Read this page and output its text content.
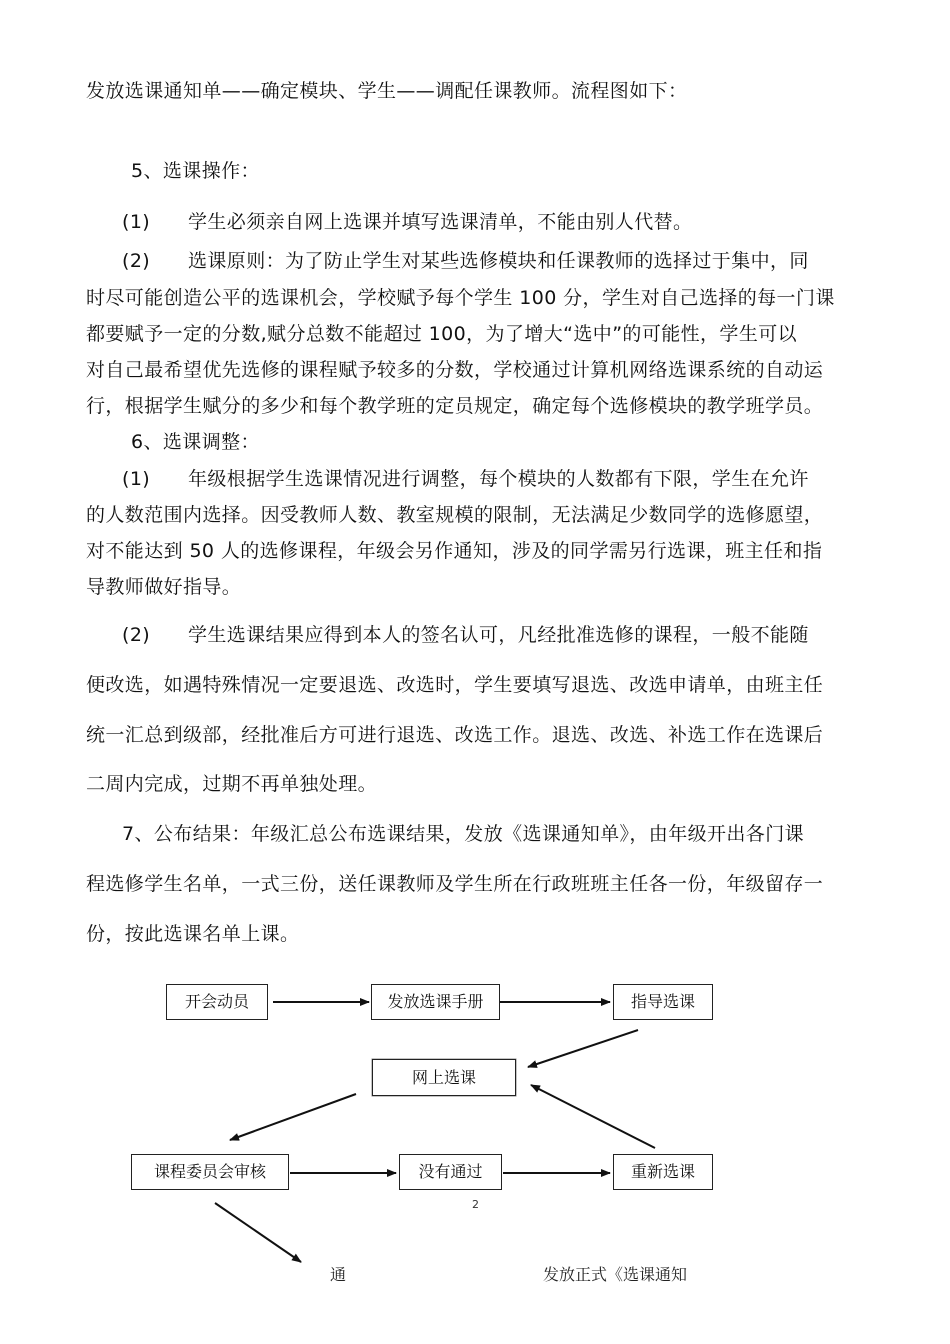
发放选课通知单——确定模块、学生——调配任课教师。流程图如下：
5、选课操作：
(1) 学生必须亲自网上选课并填写选课清单，不能由别人代替。
(2) 选课原则：为了防止学生对某些选修模块和任课教师的选择过于集中，同
时尽可能创造公平的选课机会，学校赋予每个学生 100 分，学生对自己选择的每一门课
都要赋予一定的分数,赋分总数不能超过 100，为了增大“选中”的可能性，学生可以
对自己最希望优先选修的课程赋予较多的分数，学校通过计算机网络选课系统的自动运
行，根据学生赋分的多少和每个教学班的定员规定，确定每个选修模块的教学班学员。
6、选课调整：
(1) 年级根据学生选课情况进行调整，每个模块的人数都有下限，学生在允许
的人数范围内选择。因受教师人数、教室规模的限制，无法满足少数同学的选修愿望，
对不能达到 50 人的选修课程，年级会另作通知，涉及的同学需另行选课，班主任和指
导教师做好指导。
(2) 学生选课结果应得到本人的签名认可，凡经批准选修的课程，一般不能随
便改选，如遇特殊情况一定要退选、改选时，学生要填写退选、改选申请单，由班主任
统一汇总到级部，经批准后方可进行退选、改选工作。退选、改选、补选工作在选课后
二周内完成，过期不再单独处理。
7、公布结果：年级汇总公布选课结果，发放《选课通知单》，由年级开出各门课
程选修学生名单，一式三份，送任课教师及学生所在行政班班主任各一份，年级留存一
份，按此选课名单上课。
开会动员	发放选课手册	指导选课
网上选课
课程委员会审核	没有通过	重新选课
2
通	发放正式《选课通知
